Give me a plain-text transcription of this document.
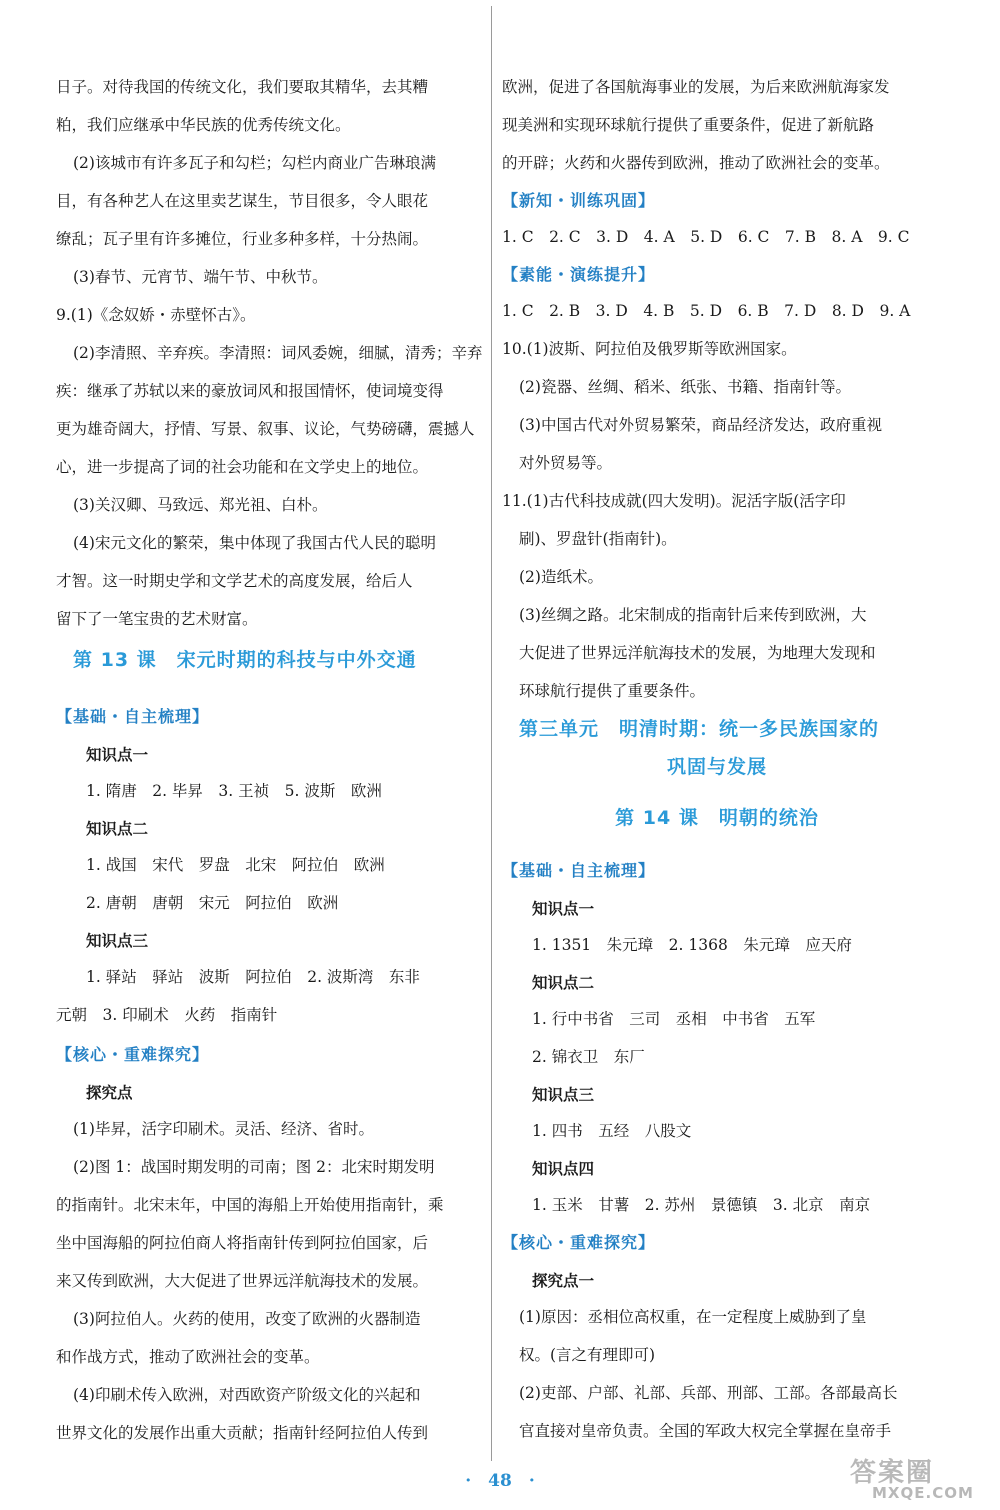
日子。对待我国的传统文化，我们要取其精华，去其糟
粕，我们应继承中华民族的优秀传统文化。
(2)该城市有许多瓦子和勾栏；勾栏内商业广告琳琅满
目，有各种艺人在这里卖艺谋生，节目很多，令人眼花
缭乱；瓦子里有许多摊位，行业多种多样，十分热闹。
(3)春节、元宵节、端午节、中秋节。
9.(1)《念奴娇・赤壁怀古》。
(2)李清照、辛弃疾。李清照：词风委婉，细腻，清秀；辛弃
疾：继承了苏轼以来的豪放词风和报国情怀，使词境变得
更为雄奇阔大，抒情、写景、叙事、议论，气势磅礴，震撼人
心，进一步提高了词的社会功能和在文学史上的地位。
(3)关汉卿、马致远、郑光祖、白朴。
(4)宋元文化的繁荣，集中体现了我国古代人民的聪明
才智。这一时期史学和文学艺术的高度发展，给后人
留下了一笔宝贵的艺术财富。
第 13 课　宋元时期的科技与中外交通
【基础・自主梳理】
知识点一
1. 隋唐　2. 毕昇　3. 王祯　5. 波斯　欧洲
知识点二
1. 战国　宋代　罗盘　北宋　阿拉伯　欧洲
2. 唐朝　唐朝　宋元　阿拉伯　欧洲
知识点三
1. 驿站　驿站　波斯　阿拉伯　2. 波斯湾　东非
元朝　3. 印刷术　火药　指南针
【核心・重难探究】
探究点
(1)毕昇，活字印刷术。灵活、经济、省时。
(2)图 1：战国时期发明的司南；图 2：北宋时期发明
的指南针。北宋末年，中国的海船上开始使用指南针，乘
坐中国海船的阿拉伯商人将指南针传到阿拉伯国家，后
来又传到欧洲，大大促进了世界远洋航海技术的发展。
(3)阿拉伯人。火药的使用，改变了欧洲的火器制造
和作战方式，推动了欧洲社会的变革。
(4)印刷术传入欧洲，对西欧资产阶级文化的兴起和
世界文化的发展作出重大贡献；指南针经阿拉伯人传到
欧洲，促进了各国航海事业的发展，为后来欧洲航海家发
现美洲和实现环球航行提供了重要条件，促进了新航路
的开辟；火药和火器传到欧洲，推动了欧洲社会的变革。
【新知・训练巩固】
1. C　2. C　3. D　4. A　5. D　6. C　7. B　8. A　9. C
【素能・演练提升】
1. C　2. B　3. D　4. B　5. D　6. B　7. D　8. D　9. A
10.(1)波斯、阿拉伯及俄罗斯等欧洲国家。
(2)瓷器、丝绸、稻米、纸张、书籍、指南针等。
(3)中国古代对外贸易繁荣，商品经济发达，政府重视
对外贸易等。
11.(1)古代科技成就(四大发明)。泥活字版(活字印
刷)、罗盘针(指南针)。
(2)造纸术。
(3)丝绸之路。北宋制成的指南针后来传到欧洲，大
大促进了世界远洋航海技术的发展，为地理大发现和
环球航行提供了重要条件。
第三单元　明清时期：统一多民族国家的
巩固与发展
第 14 课　明朝的统治
【基础・自主梳理】
知识点一
1. 1351　朱元璋　2. 1368　朱元璋　应天府
知识点二
1. 行中书省　三司　丞相　中书省　五军
2. 锦衣卫　东厂
知识点三
1. 四书　五经　八股文
知识点四
1. 玉米　甘薯　2. 苏州　景德镇　3. 北京　南京
【核心・重难探究】
探究点一
(1)原因：丞相位高权重，在一定程度上威胁到了皇
权。(言之有理即可)
(2)吏部、户部、礼部、兵部、刑部、工部。各部最高长
官直接对皇帝负责。全国的军政大权完全掌握在皇帝手
·　48　·	答案圈
MXQE.COM
